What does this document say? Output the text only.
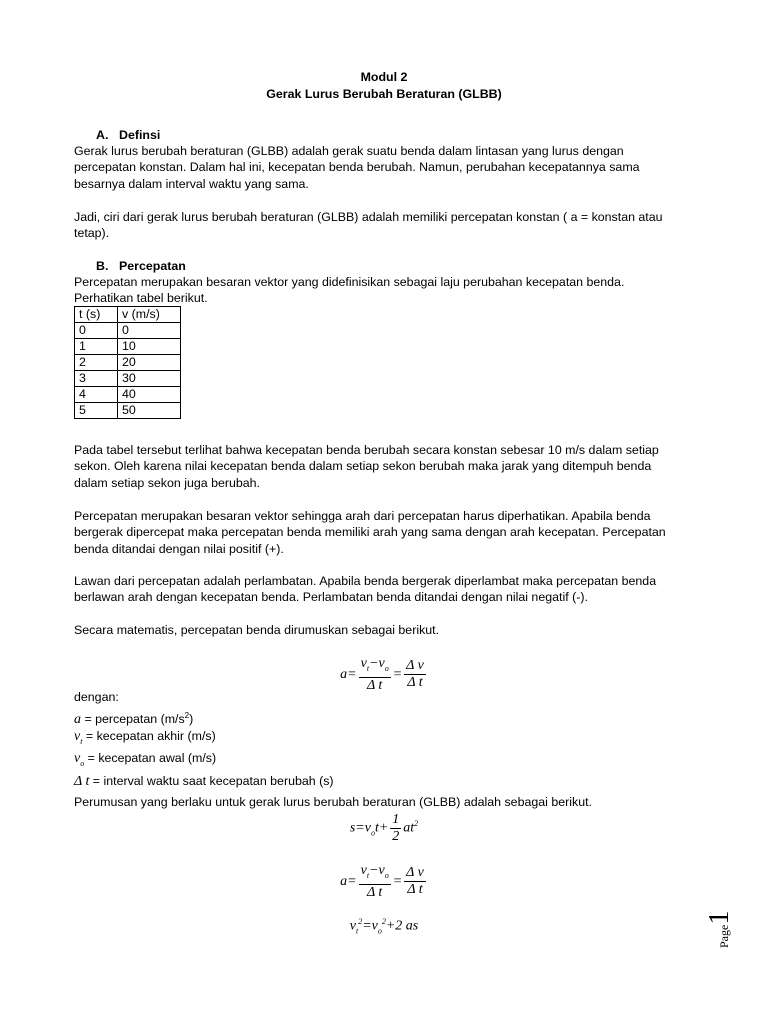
Modul 2
Gerak Lurus Berubah Beraturan (GLBB)
A. Definsi
Gerak lurus berubah beraturan (GLBB) adalah gerak suatu benda dalam lintasan yang lurus dengan
percepatan konstan. Dalam hal ini, kecepatan benda berubah. Namun, perubahan kecepatannya sama
besarnya dalam interval waktu yang sama.
Jadi, ciri dari gerak lurus berubah beraturan (GLBB) adalah memiliki percepatan konstan ( a = konstan atau
tetap).
B. Percepatan
Percepatan merupakan besaran vektor yang didefinisikan sebagai laju perubahan kecepatan benda.
Perhatikan tabel berikut.
t (s)	v (m/s)
0	0
1	10
2	20
3	30
4	40
5	50
Pada tabel tersebut terlihat bahwa kecepatan benda berubah secara konstan sebesar 10 m/s dalam setiap
sekon. Oleh karena nilai kecepatan benda dalam setiap sekon berubah maka jarak yang ditempuh benda
dalam setiap sekon juga berubah.
Percepatan merupakan besaran vektor sehingga arah dari percepatan harus diperhatikan. Apabila benda
bergerak dipercepat maka percepatan benda memiliki arah yang sama dengan arah kecepatan. Percepatan
benda ditandai dengan nilai positif (+).
Lawan dari percepatan adalah perlambatan. Apabila benda bergerak diperlambat maka percepatan benda
berlawan arah dengan kecepatan benda. Perlambatan benda ditandai dengan nilai negatif (-).
Secara matematis, percepatan benda dirumuskan sebagai berikut.
$a= \frac{v_t-v_o}{\text{Δ t}} = \frac{\text{Δ v}}{\text{Δ t}}$
dengan:
a = percepatan $(m/s^2)$
$v_t$ = kecepatan akhir (m/s)
$v_o$ = kecepatan awal (m/s)
Δ t = interval waktu saat kecepatan berubah (s)
Perumusan yang berlaku untuk gerak lurus berubah beraturan (GLBB) adalah sebagai berikut.
$s=v_ot+ \frac{1}{2} at^2$
$a= \frac{v_t-v_o}{\text{Δ t}} = \frac{\text{Δ v}}{\text{Δ t}}$
$v_t^2=v_o^2+2$ as	Page1
